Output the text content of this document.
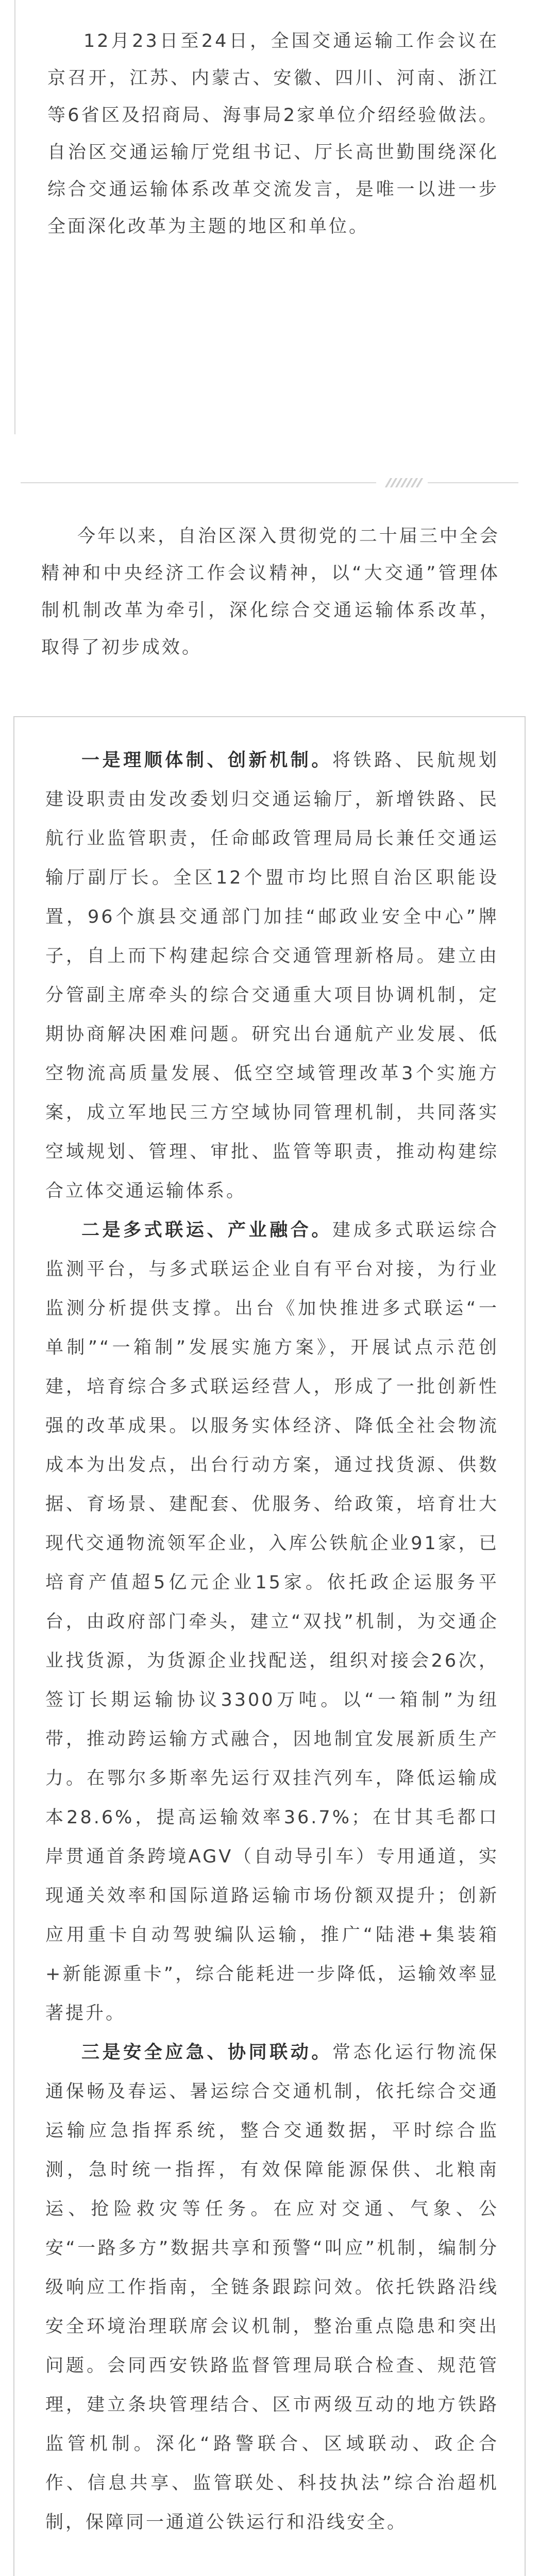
12月23日至24日，全国交通运输工作会议在京召开，江苏、内蒙古、安徽、四川、河南、浙江等6省区及招商局、海事局2家单位介绍经验做法。自治区交通运输厅党组书记、厅长高世勤围绕深化综合交通运输体系改革交流发言，是唯一以进一步全面深化改革为主题的地区和单位。

今年以来，自治区深入贯彻党的二十届三中全会精神和中央经济工作会议精神，以“大交通”管理体制机制改革为牵引，深化综合交通运输体系改革，取得了初步成效。

一是理顺体制、创新机制。将铁路、民航规划建设职责由发改委划归交通运输厅，新增铁路、民航行业监管职责，任命邮政管理局局长兼任交通运输厅副厅长。全区12个盟市均比照自治区职能设置，96个旗县交通部门加挂“邮政业安全中心”牌子，自上而下构建起综合交通管理新格局。建立由分管副主席牵头的综合交通重大项目协调机制，定期协商解决困难问题。研究出台通航产业发展、低空物流高质量发展、低空空域管理改革3个实施方案，成立军地民三方空域协同管理机制，共同落实空域规划、管理、审批、监管等职责，推动构建综合立体交通运输体系。

二是多式联运、产业融合。建成多式联运综合监测平台，与多式联运企业自有平台对接，为行业监测分析提供支撑。出台《加快推进多式联运“一单制”“一箱制”发展实施方案》，开展试点示范创建，培育综合多式联运经营人，形成了一批创新性强的改革成果。以服务实体经济、降低全社会物流成本为出发点，出台行动方案，通过找货源、供数据、育场景、建配套、优服务、给政策，培育壮大现代交通物流领军企业，入库公铁航企业91家，已培育产值超5亿元企业15家。依托政企运服务平台，由政府部门牵头，建立“双找”机制，为交通企业找货源，为货源企业找配送，组织对接会26次，签订长期运输协议3300万吨。以“一箱制”为纽带，推动跨运输方式融合，因地制宜发展新质生产力。在鄂尔多斯率先运行双挂汽列车，降低运输成本28.6%，提高运输效率36.7%；在甘其毛都口岸贯通首条跨境AGV（自动导引车）专用通道，实现通关效率和国际道路运输市场份额双提升；创新应用重卡自动驾驶编队运输，推广“陆港+集装箱+新能源重卡”，综合能耗进一步降低，运输效率显著提升。

三是安全应急、协同联动。常态化运行物流保通保畅及春运、暑运综合交通机制，依托综合交通运输应急指挥系统，整合交通数据，平时综合监测，急时统一指挥，有效保障能源保供、北粮南运、抢险救灾等任务。在应对交通、气象、公安“一路多方”数据共享和预警“叫应”机制，编制分级响应工作指南，全链条跟踪问效。依托铁路沿线安全环境治理联席会议机制，整治重点隐患和突出问题。会同西安铁路监督管理局联合检查、规范管理，建立条块管理结合、区市两级互动的地方铁路监管机制。深化“路警联合、区域联动、政企合作、信息共享、监管联处、科技执法”综合治超机制，保障同一通道公铁运行和沿线安全。
